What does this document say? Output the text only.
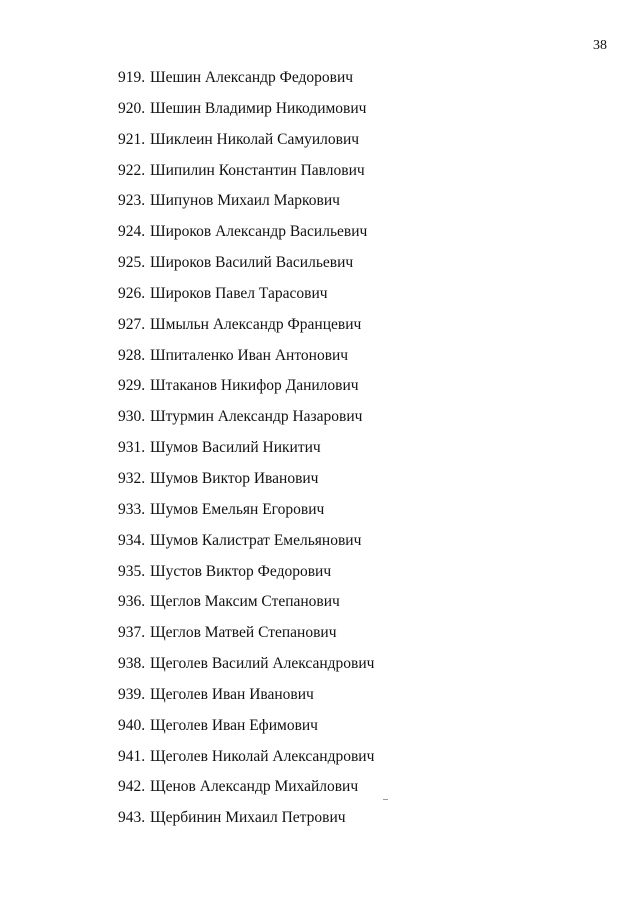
38
919. Шешин Александр Федорович
920. Шешин Владимир Никодимович
921. Шиклеин Николай Самуилович
922. Шипилин Константин Павлович
923. Шипунов Михаил Маркович
924. Широков Александр Васильевич
925. Широков Василий Васильевич
926. Широков Павел Тарасович
927. Шмыльн Александр Францевич
928. Шпиталенко Иван Антонович
929. Штаканов Никифор Данилович
930. Штурмин Александр Назарович
931. Шумов Василий Никитич
932. Шумов Виктор Иванович
933. Шумов Емельян Егорович
934. Шумов Калистрат Емельянович
935. Шустов Виктор Федорович
936. Щеглов Максим Степанович
937. Щеглов Матвей Степанович
938. Щеголев Василий Александрович
939. Щеголев Иван Иванович
940. Щеголев Иван Ефимович
941. Щеголев Николай Александрович
942. Щенов Александр Михайлович
943. Щербинин Михаил Петрович
